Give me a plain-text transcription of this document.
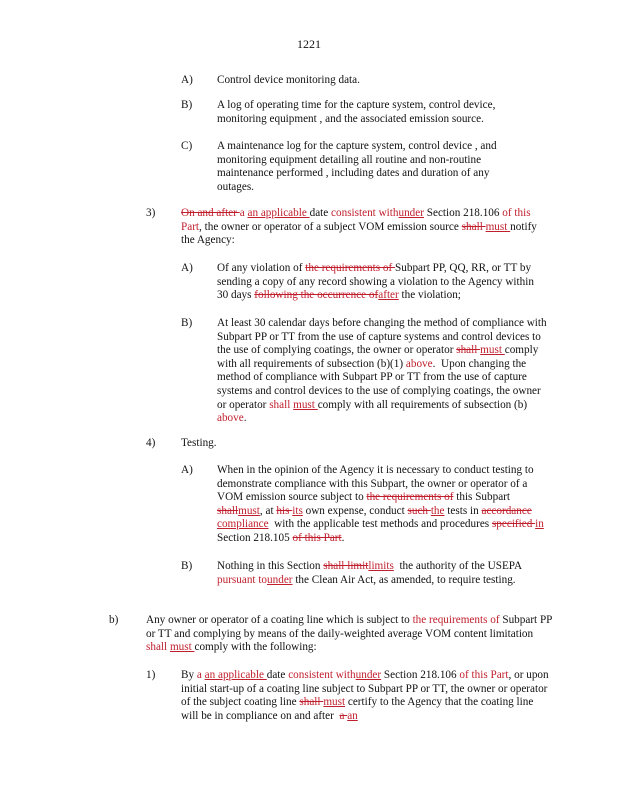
1221
A) Control device monitoring data.
B) A log of operating time for the capture system, control device, monitoring equipment , and the associated emission source.
C) A maintenance log for the capture system, control device , and monitoring equipment detailing all routine and non-routine maintenance performed , including dates and duration of any outages.
3) On and after a an applicable date consistent withunder Section 218.106 of this Part, the owner or operator of a subject VOM emission source shall must notify the Agency:
A) Of any violation of the requirements of Subpart PP, QQ, RR, or TT by sending a copy of any record showing a violation to the Agency within 30 days following the occurrence ofafter the violation;
B) At least 30 calendar days before changing the method of compliance with Subpart PP or TT from the use of capture systems and control devices to the use of complying coatings, the owner or operator shall must comply with all requirements of subsection (b)(1) above.  Upon changing the method of compliance with Subpart PP or TT from the use of capture systems and control devices to the use of complying coatings, the owner or operator shall must comply with all requirements of subsection (b) above.
4) Testing.
A) When in the opinion of the Agency it is necessary to conduct testing to demonstrate compliance with this Subpart, the owner or operator of a VOM emission source subject to the requirements of this Subpart shallmust, at his its own expense, conduct such the tests in accordance compliance  with the applicable test methods and procedures specified in Section 218.105 of this Part.
B) Nothing in this Section shall limitlimits  the authority of the USEPA pursuant tounder the Clean Air Act, as amended, to require testing.
b) Any owner or operator of a coating line which is subject to the requirements of Subpart PP or TT and complying by means of the daily-weighted average VOM content limitation shall must comply with the following:
1) By a an applicable date consistent withunder Section 218.106 of this Part, or upon initial start-up of a coating line subject to Subpart PP or TT, the owner or operator of the subject coating line shall must certify to the Agency that the coating line will be in compliance on and after  a an
